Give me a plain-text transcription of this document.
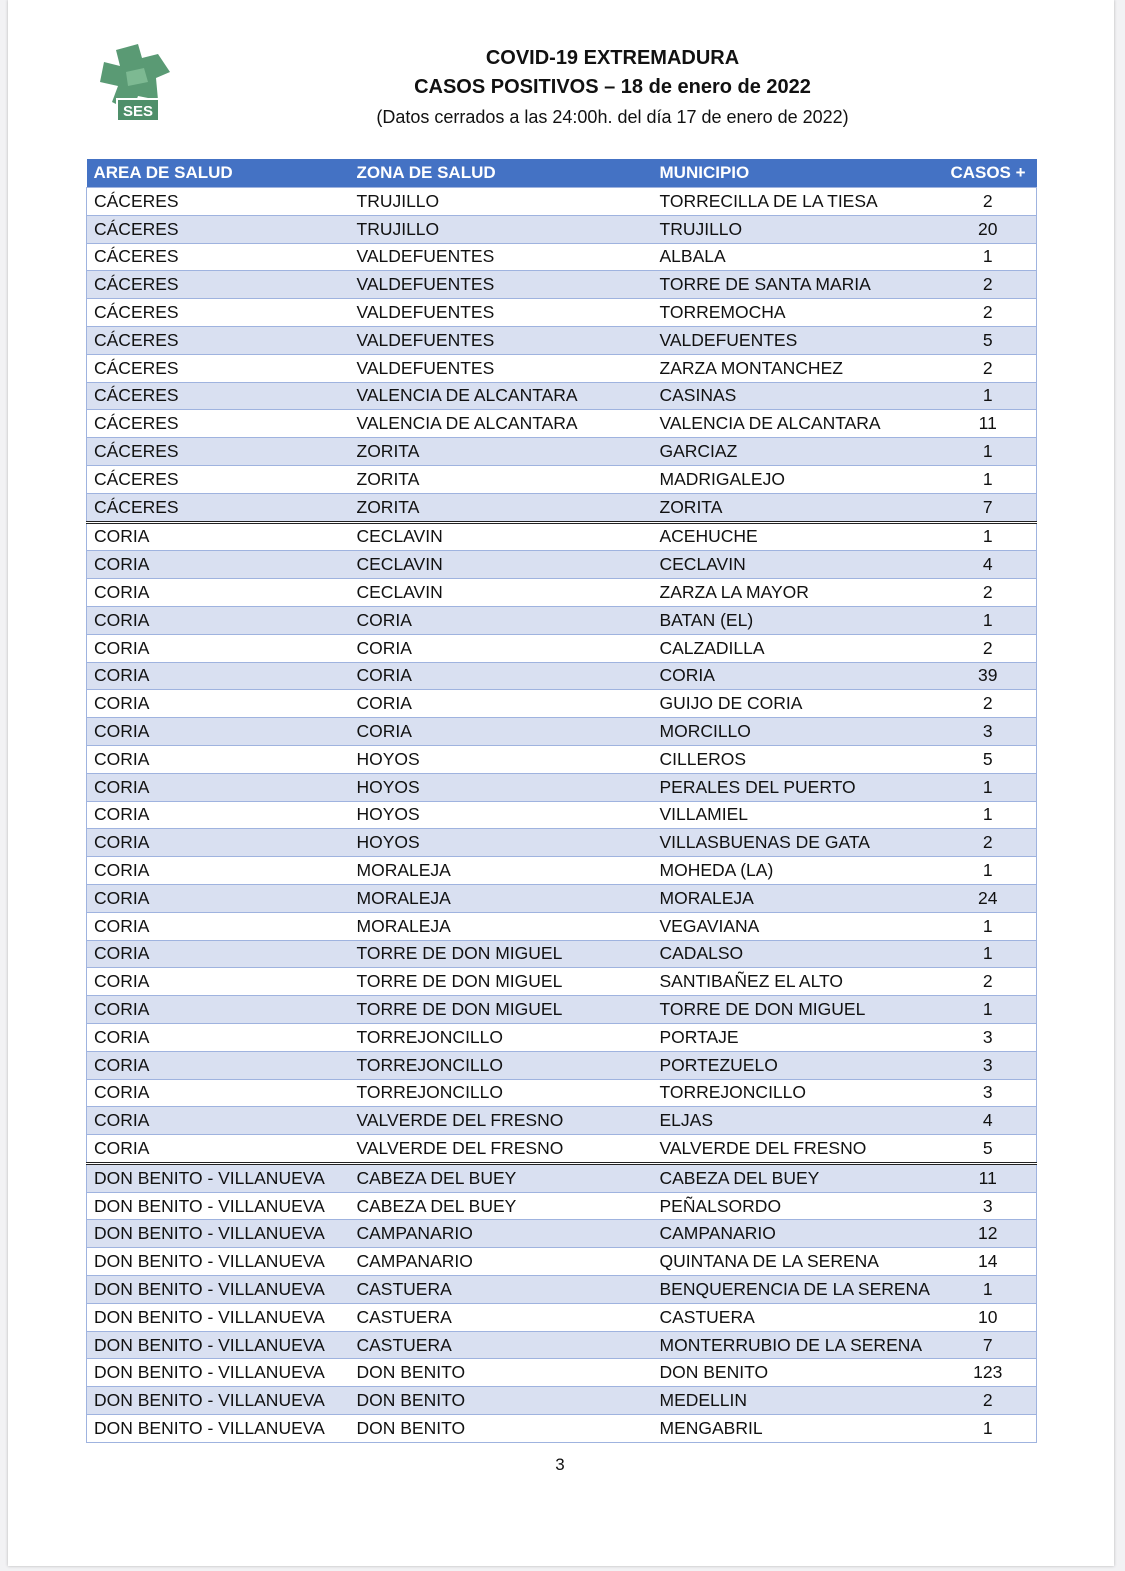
SES
COVID-19 EXTREMADURA
CASOS POSITIVOS – 18 de enero de 2022
(Datos cerrados a las 24:00h. del día 17 de enero de 2022)
AREA DE SALUD	ZONA DE SALUD	MUNICIPIO	CASOS +
CÁCERES	TRUJILLO	TORRECILLA DE LA TIESA	2
CÁCERES	TRUJILLO	TRUJILLO	20
CÁCERES	VALDEFUENTES	ALBALA	1
CÁCERES	VALDEFUENTES	TORRE DE SANTA MARIA	2
CÁCERES	VALDEFUENTES	TORREMOCHA	2
CÁCERES	VALDEFUENTES	VALDEFUENTES	5
CÁCERES	VALDEFUENTES	ZARZA MONTANCHEZ	2
CÁCERES	VALENCIA DE ALCANTARA	CASINAS	1
CÁCERES	VALENCIA DE ALCANTARA	VALENCIA DE ALCANTARA	11
CÁCERES	ZORITA	GARCIAZ	1
CÁCERES	ZORITA	MADRIGALEJO	1
CÁCERES	ZORITA	ZORITA	7
CORIA	CECLAVIN	ACEHUCHE	1
CORIA	CECLAVIN	CECLAVIN	4
CORIA	CECLAVIN	ZARZA LA MAYOR	2
CORIA	CORIA	BATAN (EL)	1
CORIA	CORIA	CALZADILLA	2
CORIA	CORIA	CORIA	39
CORIA	CORIA	GUIJO DE CORIA	2
CORIA	CORIA	MORCILLO	3
CORIA	HOYOS	CILLEROS	5
CORIA	HOYOS	PERALES DEL PUERTO	1
CORIA	HOYOS	VILLAMIEL	1
CORIA	HOYOS	VILLASBUENAS DE GATA	2
CORIA	MORALEJA	MOHEDA (LA)	1
CORIA	MORALEJA	MORALEJA	24
CORIA	MORALEJA	VEGAVIANA	1
CORIA	TORRE DE DON MIGUEL	CADALSO	1
CORIA	TORRE DE DON MIGUEL	SANTIBAÑEZ EL ALTO	2
CORIA	TORRE DE DON MIGUEL	TORRE DE DON MIGUEL	1
CORIA	TORREJONCILLO	PORTAJE	3
CORIA	TORREJONCILLO	PORTEZUELO	3
CORIA	TORREJONCILLO	TORREJONCILLO	3
CORIA	VALVERDE DEL FRESNO	ELJAS	4
CORIA	VALVERDE DEL FRESNO	VALVERDE DEL FRESNO	5
DON BENITO - VILLANUEVA	CABEZA DEL BUEY	CABEZA DEL BUEY	11
DON BENITO - VILLANUEVA	CABEZA DEL BUEY	PEÑALSORDO	3
DON BENITO - VILLANUEVA	CAMPANARIO	CAMPANARIO	12
DON BENITO - VILLANUEVA	CAMPANARIO	QUINTANA DE LA SERENA	14
DON BENITO - VILLANUEVA	CASTUERA	BENQUERENCIA DE LA SERENA	1
DON BENITO - VILLANUEVA	CASTUERA	CASTUERA	10
DON BENITO - VILLANUEVA	CASTUERA	MONTERRUBIO DE LA SERENA	7
DON BENITO - VILLANUEVA	DON BENITO	DON BENITO	123
DON BENITO - VILLANUEVA	DON BENITO	MEDELLIN	2
DON BENITO - VILLANUEVA	DON BENITO	MENGABRIL	1
3
